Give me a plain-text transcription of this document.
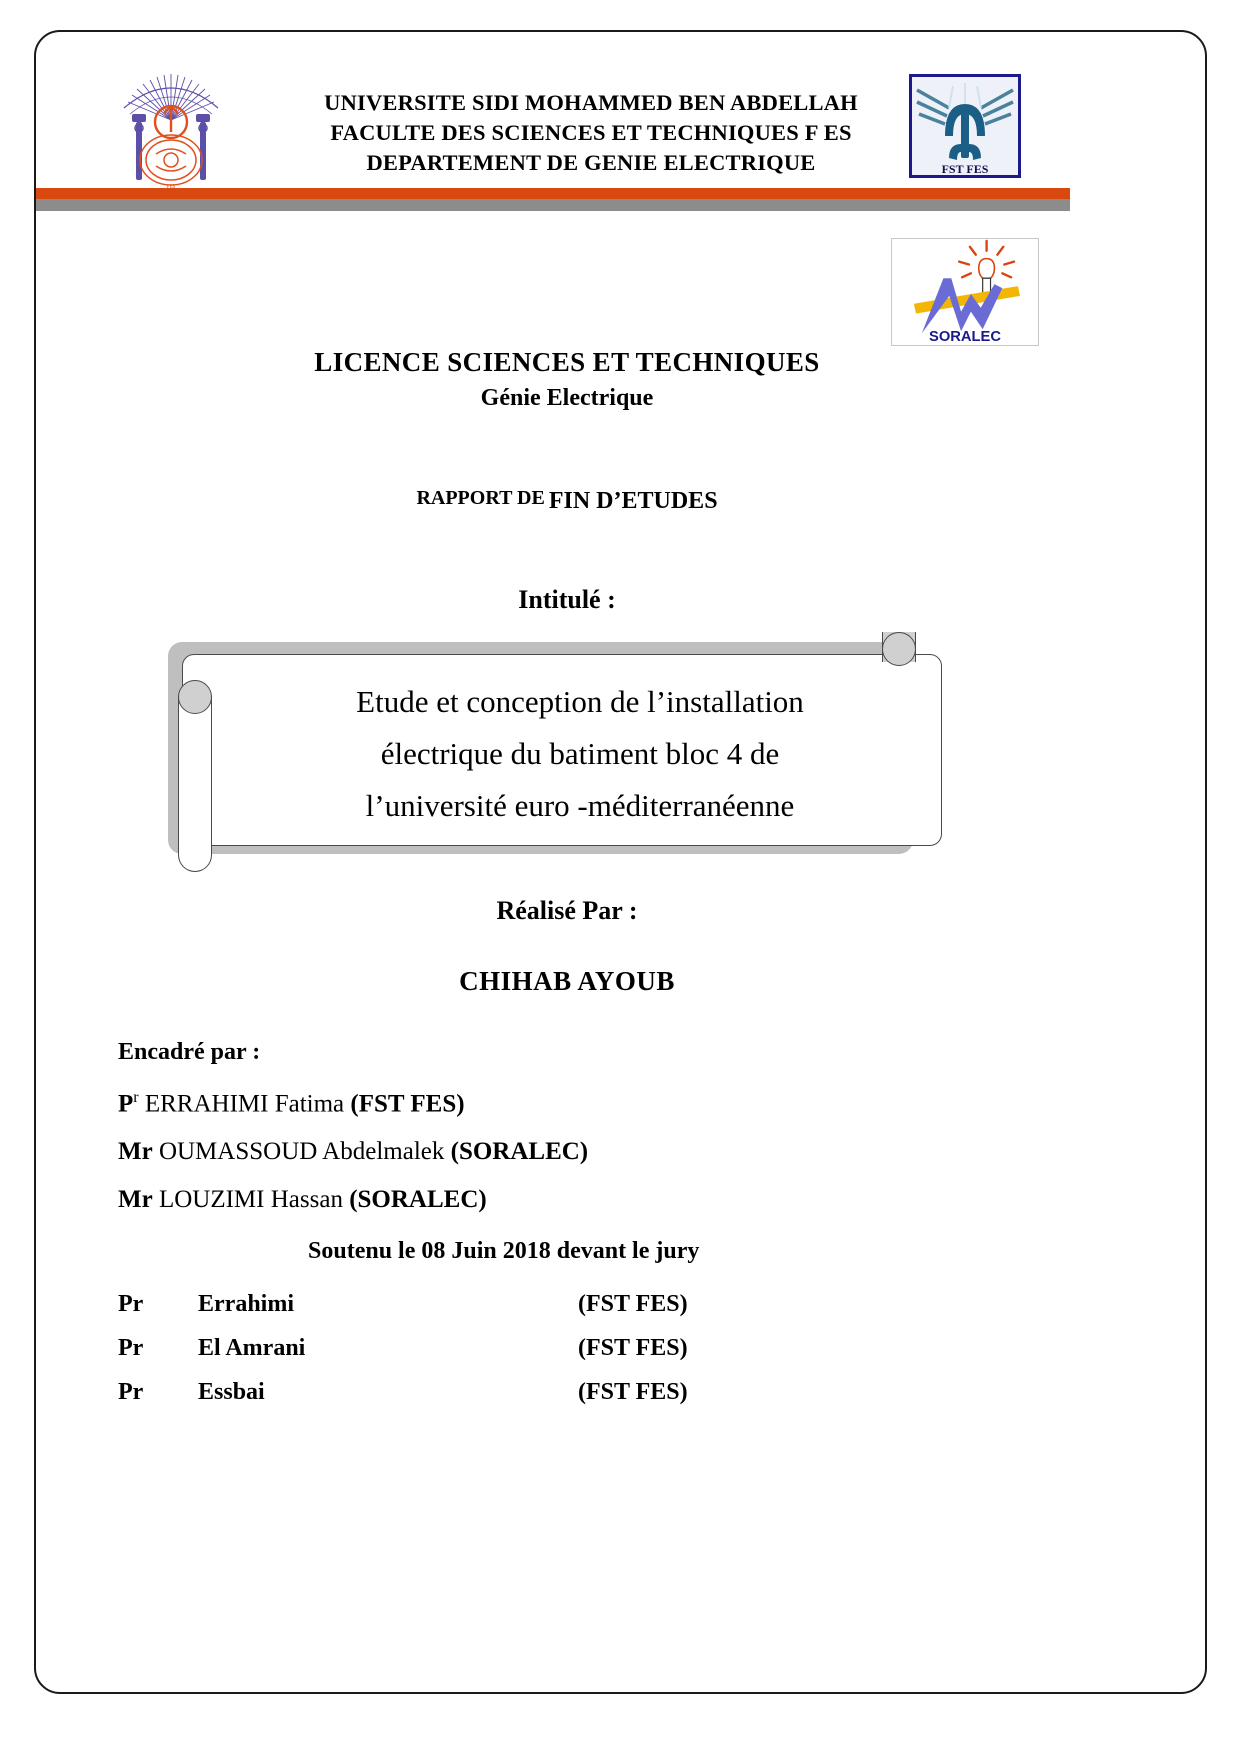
UNIVERSITE SIDI MOHAMMED BEN ABDELLAH
FACULTE DES SCIENCES ET TECHNIQUES F ES
DEPARTEMENT DE GENIE ELECTRIQUE	FST FES
SORALEC
LICENCE SCIENCES ET TECHNIQUES
Génie Electrique
RAPPORT DE FIN D’ETUDES
Intitulé :
Etude et conception de l’installation
électrique du batiment bloc 4 de
l’université euro -méditerranéenne
Réalisé Par :
CHIHAB AYOUB
Encadré par :
$P^r$ ERRAHIMI Fatima (FST FES)
Mr OUMASSOUD Abdelmalek (SORALEC)
Mr LOUZIMI Hassan (SORALEC)
Soutenu le 08 Juin 2018 devant le jury
Pr	Errahimi	(FST FES)
Pr	El Amrani	(FST FES)
Pr	Essbai	(FST FES)
